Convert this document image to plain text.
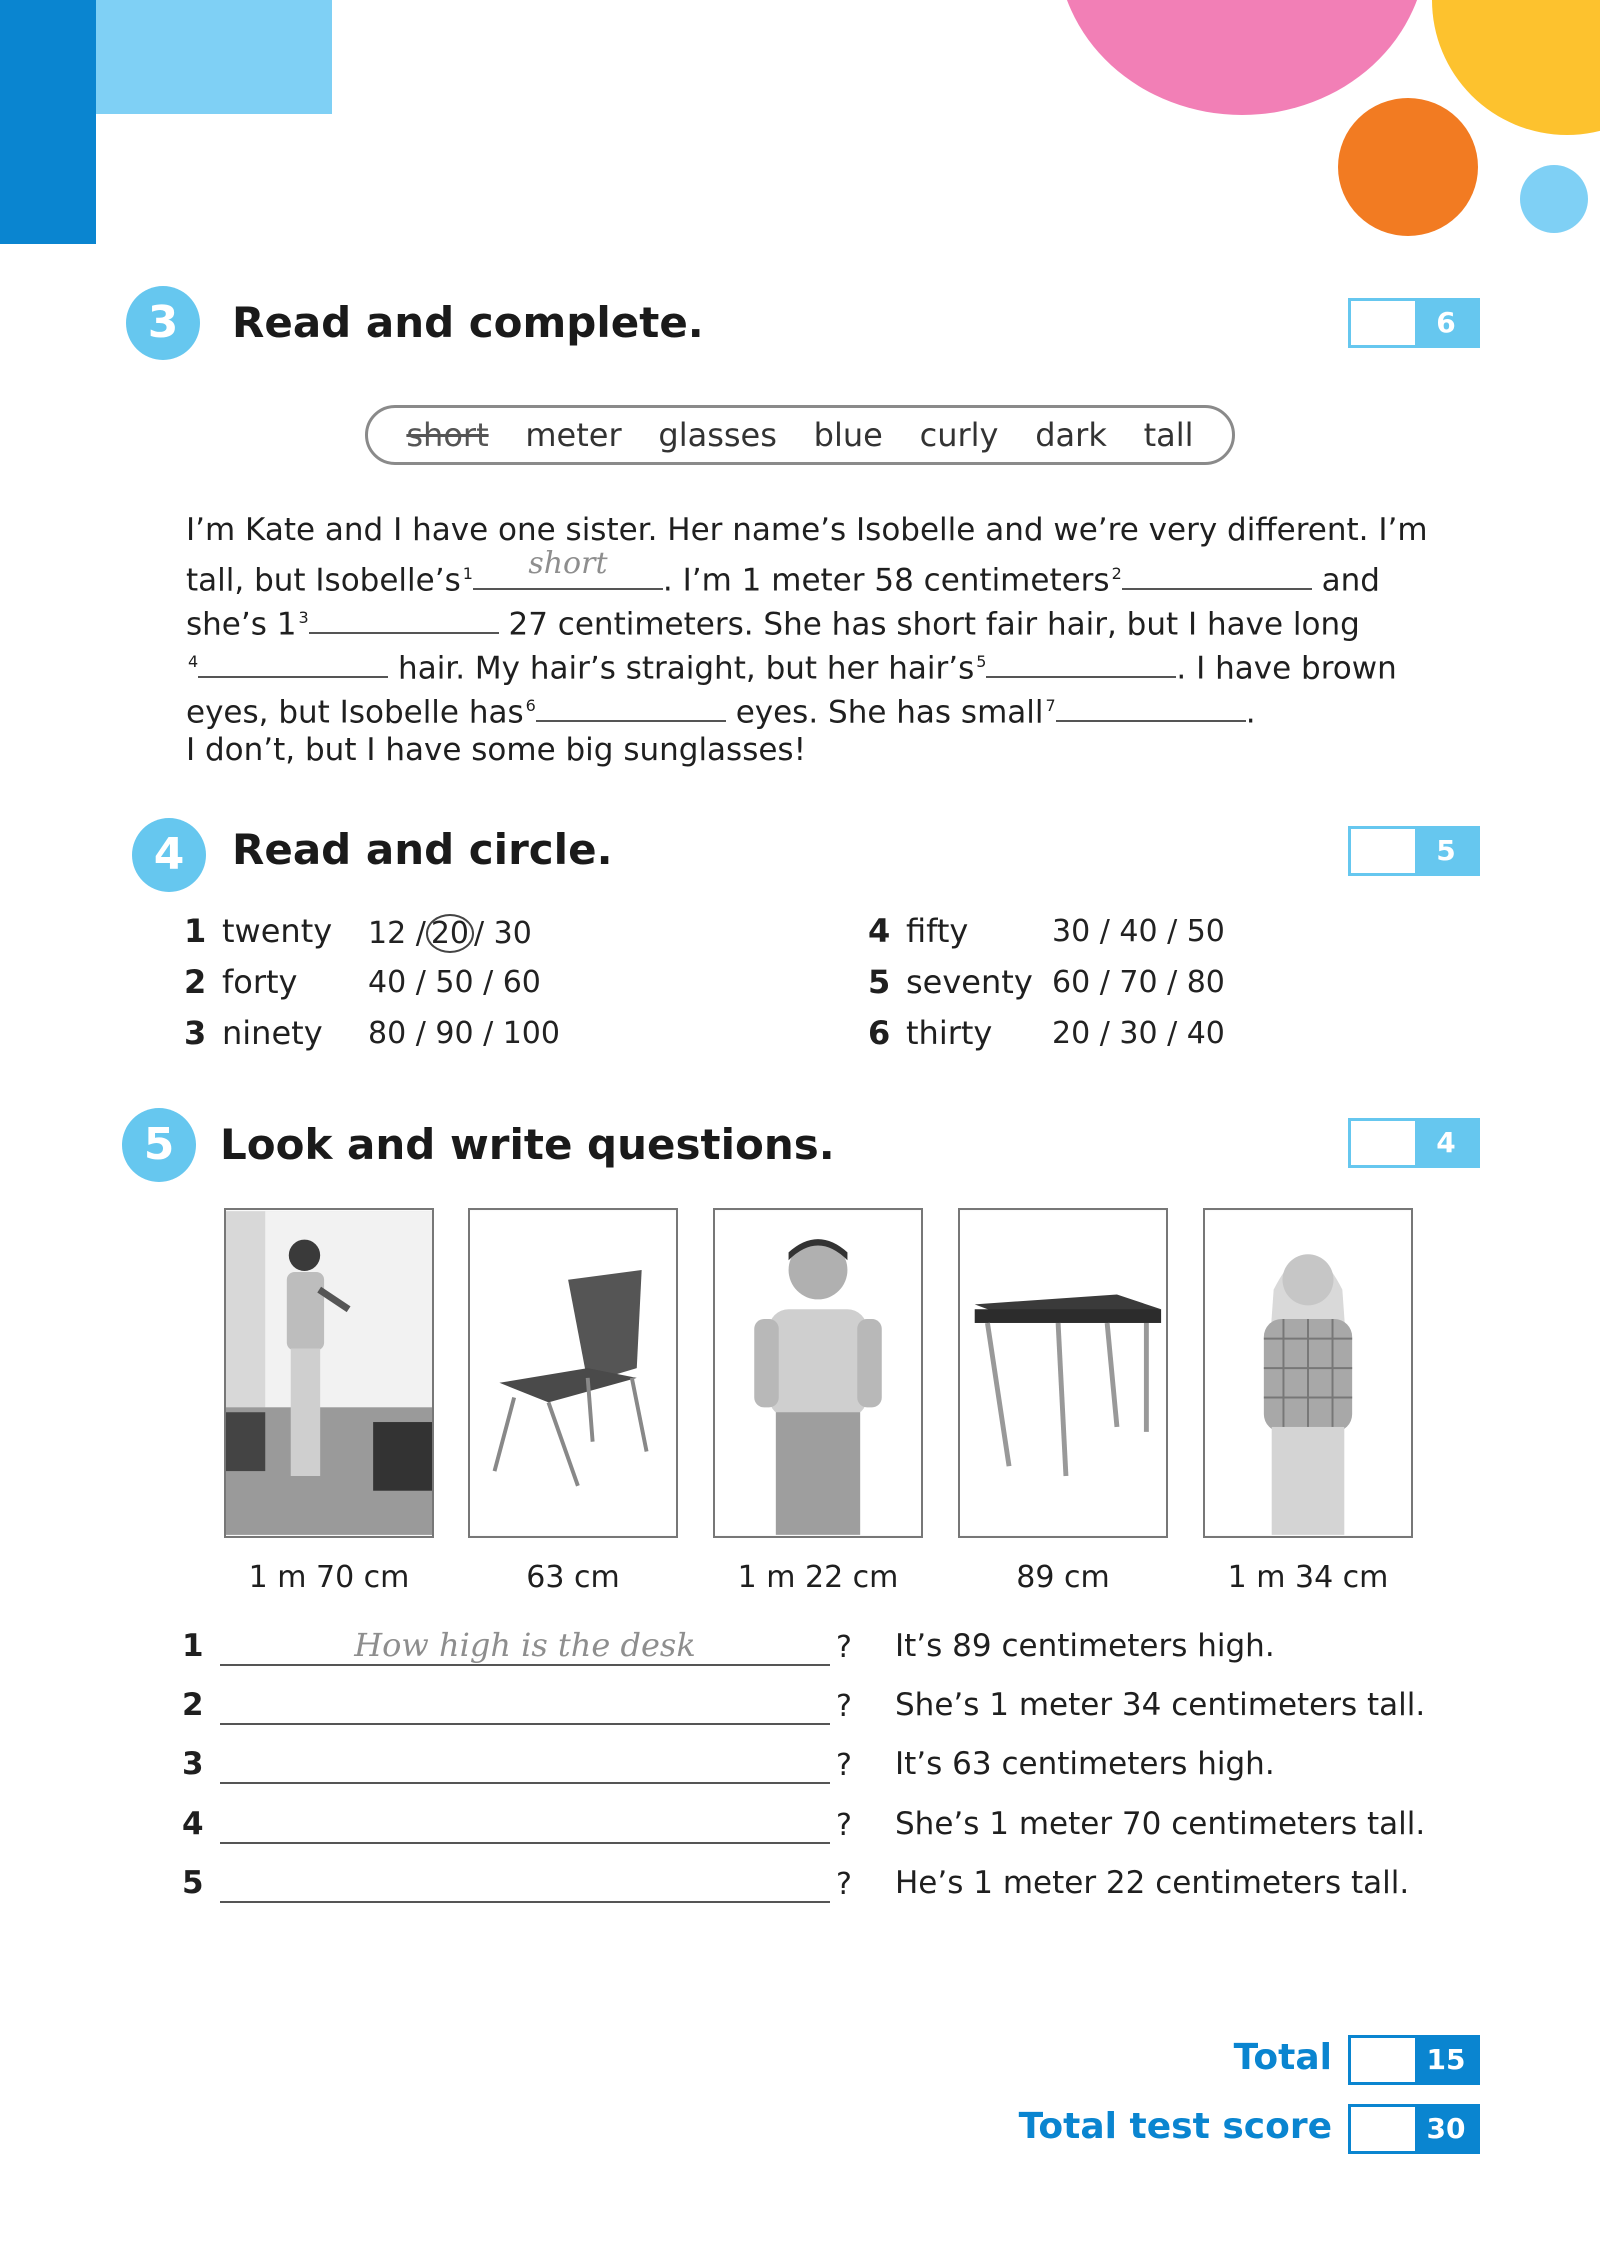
3	Read and complete.	6
short meter glasses blue curly dark tall
I’m Kate and I have one sister. Her name’s Isobelle and we’re very different. I’m
tall, but Isobelle’s $^1$	short	. I’m 1 meter 58 centimeters $^2$	and
she’s 1 $^3$	27 centimeters. She has short fair hair, but I have long
$^4$	hair. My hair’s straight, but her hair’s $^5$	. I have brown
eyes, but Isobelle has $^6$	eyes. She has small $^7$	.
I don’t, but I have some big sunglasses!
4	Read and circle.	5
1 twenty 12 / 20 / 30
2 forty 40 / 50 / 60
3 ninety 80 / 90 / 100
4 fifty	30 / 40 / 50
5 seventy 60 / 70 / 80
6 thirty 20 / 30 / 40
5	Look and write questions.	4
1 m 70 cm	63 cm	1 m 22 cm	89 cm	1 m 34 cm
1	How high is the desk	? It’s 89 centimeters high.
2	? She’s 1 meter 34 centimeters tall.
3	? It’s 63 centimeters high.
4	? She’s 1 meter 70 centimeters tall.
5	? He’s 1 meter 22 centimeters tall.
Total	15
Total test score	30
